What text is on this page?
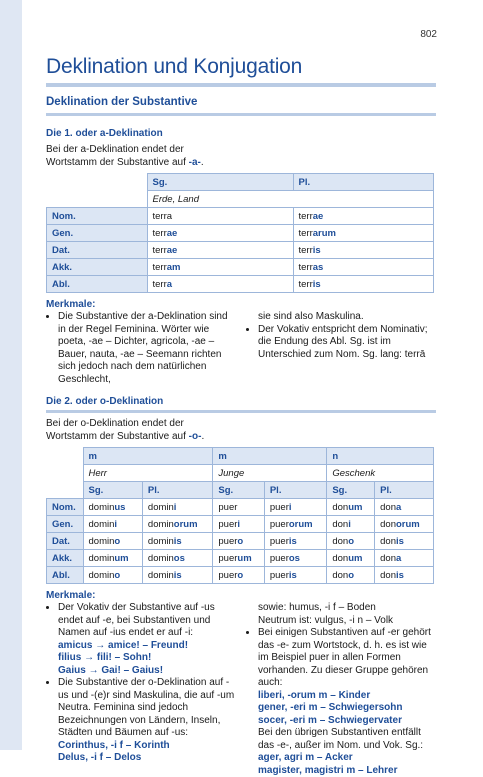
802
Deklination und Konjugation
Deklination der Substantive
Die 1. oder a-Deklination

Bei der a-Deklination endet der Wortstamm der Substantive auf -a-.

	Sg.	Pl.
	Erde, Land	
Nom.	terra	terrae
Gen.	terrae	terrarum
Dat.	terrae	terris
Akk.	terram	terras
Abl.	terra	terris
Merkmale:
• Die Substantive der a-Deklination sind in der Regel Feminina. Wörter wie poeta, -ae – Dichter, agricola, -ae – Bauer, nauta, -ae – Seemann richten sich jedoch nach dem natürlichen Geschlecht,
sie sind also Maskulina.
• Der Vokativ entspricht dem Nominativ; die Endung des Abl. Sg. ist im Unterschied zum Nom. Sg. lang: terrā
Die 2. oder o-Deklination

Bei der o-Deklination endet der Wortstamm der Substantive auf -o-.

	m		m		n	
	Herr		Junge		Geschenk	
	Sg.	Pl.	Sg.	Pl.	Sg.	Pl.
Nom.	dominus	domini	puer	pueri	donum	dona
Gen.	domini	dominorum	pueri	puerorum	doni	donorum
Dat.	domino	dominis	puero	pueris	dono	donis
Akk.	dominum	dominos	puerum	pueros	donum	dona
Abl.	domino	dominis	puero	pueris	dono	donis
Merkmale:
• Der Vokativ der Substantive auf -us endet auf -e, bei Substantiven und Namen auf -ius endet er auf -i:
amicus → amice! – Freund!
filius → fili! – Sohn!
Gaius → Gai! – Gaius!
• Die Substantive der o-Deklination auf -us und -(e)r sind Maskulina, die auf -um Neutra. Feminina sind jedoch Bezeichnungen von Ländern, Inseln, Städten und Bäumen auf -us:
Corinthus, -i f – Korinth
Delus, -i f – Delos
sowie: humus, -i f – Boden
Neutrum ist: vulgus, -i n – Volk
• Bei einigen Substantiven auf -er gehört das -e- zum Wortstock, d. h. es ist wie im Beispiel puer in allen Formen vorhanden. Zu dieser Gruppe gehören auch:
liberi, -orum m – Kinder
gener, -eri m – Schwiegersohn
socer, -eri m – Schwiegervater
Bei den übrigen Substantiven entfällt das -e-, außer im Nom. und Vok. Sg.:
ager, agri m – Acker
magister, magistri m – Lehrer
